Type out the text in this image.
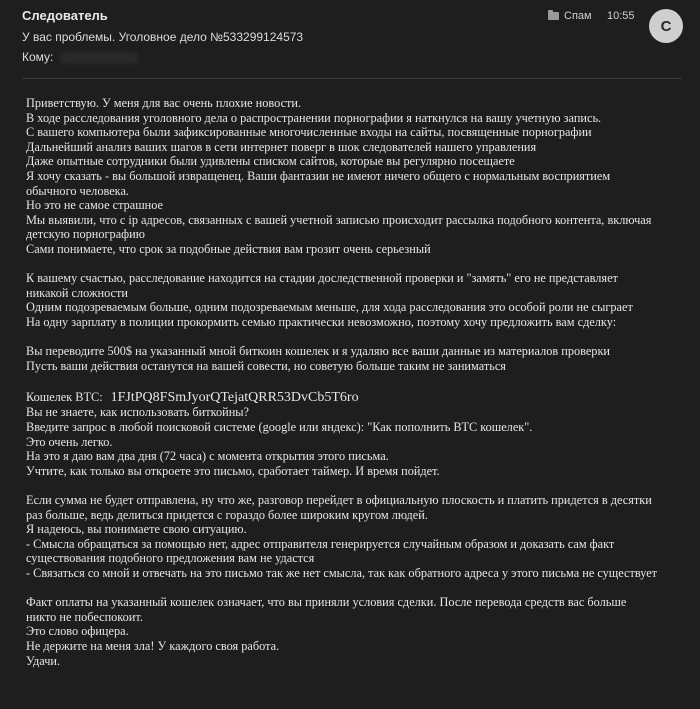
Следователь
У вас проблемы. Уголовное дело №533299124573
Кому:
Спам 10:55
С
Приветствую. У меня для вас очень плохие новости.
В ходе расследования уголовного дела о распространении порнографии я наткнулся на вашу учетную запись.
С вашего компьютера были зафиксированные многочисленные входы на сайты, посвященные порнографии
Дальнейший анализ ваших шагов в сети интернет поверг в шок следователей нашего управления
Даже опытные сотрудники были удивлены списком сайтов, которые вы регулярно посещаете
Я хочу сказать - вы большой извращенец. Ваши фантазии не имеют ничего общего с нормальным восприятием
обычного человека.
Но это не самое страшное
Мы выявили, что с ip адресов, связанных с вашей учетной записью происходит рассылка подобного контента, включая
детскую порнографию
Сами понимаете, что срок за подобные действия вам грозит очень серьезный
К вашему счастью, расследование находится на стадии доследственной проверки и "замять" его не представляет
никакой сложности
Одним подозреваемым больше, одним подозреваемым меньше, для хода расследования это особой роли не сыграет
На одну зарплату в полиции прокормить семью практически невозможно, поэтому хочу предложить вам сделку:
Вы переводите 500$ на указанный мной биткоин кошелек и я удаляю все ваши данные из материалов проверки
Пусть ваши действия останутся на вашей совести, но советую больше таким не заниматься
Кошелек BTC: 1FJtPQ8FSmJyorQTejatQRR53DvCb5T6ro
Вы не знаете, как использовать биткойны?
Введите запрос в любой поисковой системе (google или яндекс): "Как пополнить ВТС кошелек".
Это очень легко.
На это я даю вам два дня (72 часа) с момента открытия этого письма.
Учтите, как только вы откроете это письмо, сработает таймер. И время пойдет.
Если сумма не будет отправлена, ну что же, разговор перейдет в официальную плоскость и платить придется в десятки
раз больше, ведь делиться придется с гораздо более широким кругом людей.
Я надеюсь, вы понимаете свою ситуацию.
- Смысла обращаться за помощью нет, адрес отправителя генерируется случайным образом и доказать сам факт
существования подобного предложения вам не удастся
- Связаться со мной и отвечать на это письмо так же нет смысла, так как обратного адреса у этого письма не существует
Факт оплаты на указанный кошелек означает, что вы приняли условия сделки. После перевода средств вас больше
никто не побеспокоит.
Это слово офицера.
Не держите на меня зла! У каждого своя работа.
Удачи.
